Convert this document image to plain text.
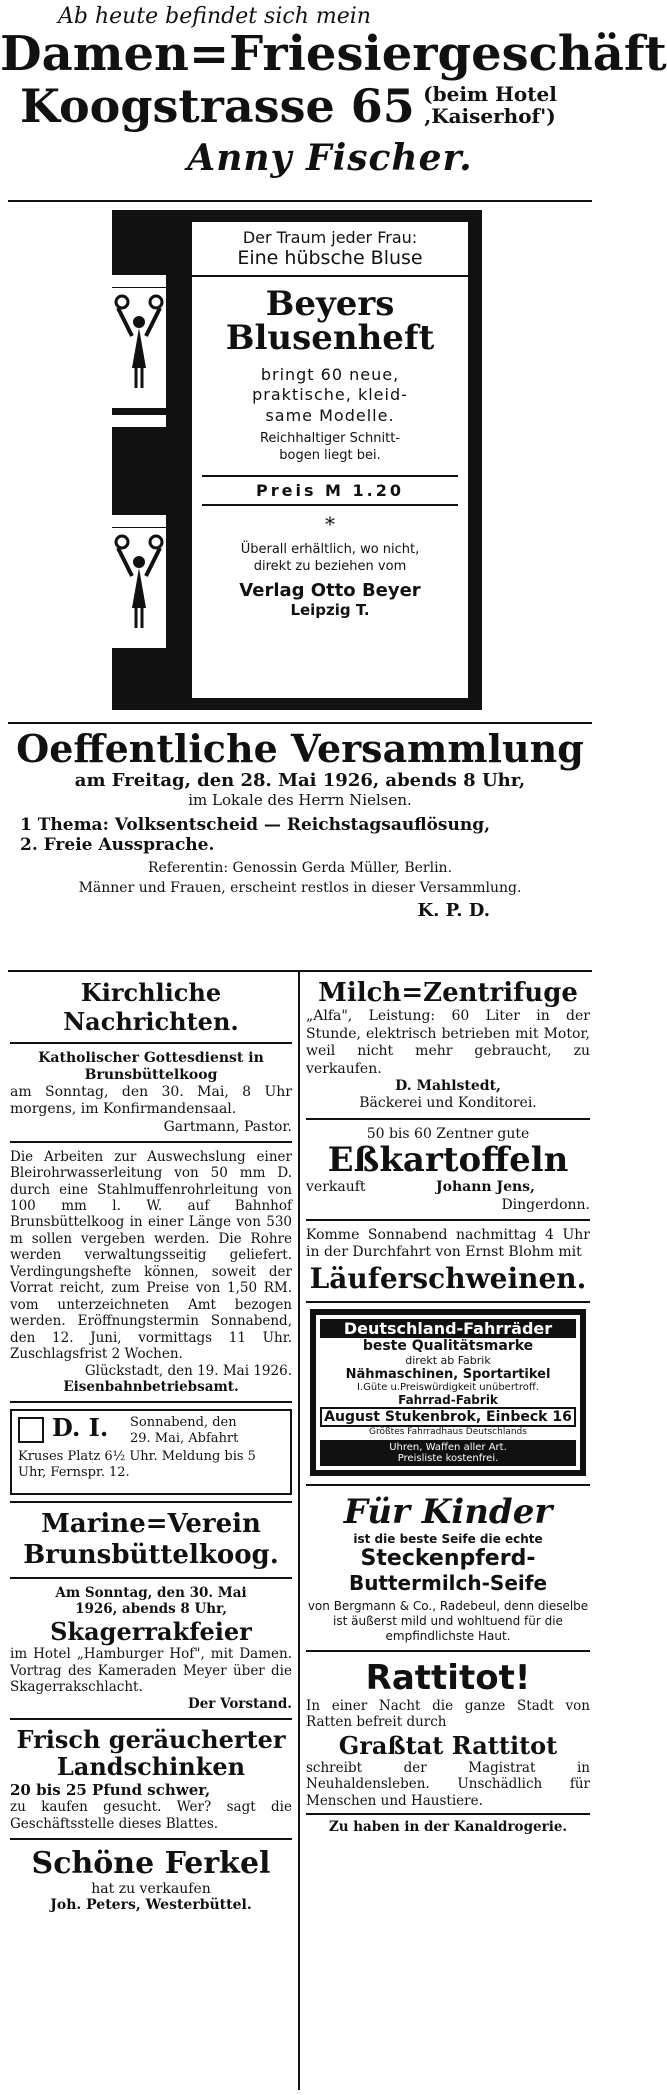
Ab heute befindet sich mein
Damen=Friesiergeschäft
Koogstrasse 65 (beim Hotel ,Kaiserhof')
Anny Fischer.
Der Traum jeder Frau:
Eine hübsche Bluse
Beyers
Blusenheft
bringt 60 neue,
praktische, kleid-
same Modelle.
Reichhaltiger Schnitt-
bogen liegt bei.
Preis M 1.20
*
Überall erhältlich, wo nicht,
direkt zu beziehen vom
Verlag Otto Beyer
Leipzig T.
Oeffentliche Versammlung
am Freitag, den 28. Mai 1926, abends 8 Uhr,
im Lokale des Herrn Nielsen.
1 Thema: Volksentscheid — Reichstagsauflösung,
2. Freie Aussprache.
Referentin: Genossin Gerda Müller, Berlin.
Männer und Frauen, erscheint restlos in dieser Versammlung.
K. P. D.
Kirchliche Nachrichten.
Katholischer Gottesdienst in
Brunsbüttelkoog
am Sonntag, den 30. Mai, 8 Uhr morgens, im Konfirmandensaal.
Gartmann, Pastor.
Die Arbeiten zur Auswechslung einer Bleirohrwasserleitung von 50 mm D. durch eine Stahlmuffenrohrleitung von 100 mm l. W. auf Bahnhof Brunsbüttelkoog in einer Länge von 530 m sollen vergeben werden. Die Rohre werden verwaltungsseitig geliefert. Verdingungshefte können, soweit der Vorrat reicht, zum Preise von 1,50 RM. vom unterzeichneten Amt bezogen werden. Eröffnungstermin Sonnabend, den 12. Juni, vormittags 11 Uhr. Zuschlagsfrist 2 Wochen.
Glückstadt, den 19. Mai 1926.
Eisenbahnbetriebsamt.
D. I. Sonnabend, den
29. Mai, Abfahrt
Kruses Platz 6½ Uhr. Meldung bis 5 Uhr, Fernspr. 12.
Marine=Verein
Brunsbüttelkoog.
Am Sonntag, den 30. Mai
1926, abends 8 Uhr,
Skagerrakfeier
im Hotel „Hamburger Hof", mit Damen. Vortrag des Kameraden Meyer über die Skagerrakschlacht.
Der Vorstand.
Frisch geräucherter
Landschinken
20 bis 25 Pfund schwer,
zu kaufen gesucht. Wer? sagt die Geschäftsstelle dieses Blattes.
Schöne Ferkel
hat zu verkaufen
Joh. Peters, Westerbüttel.
Milch=Zentrifuge
„Alfa", Leistung: 60 Liter in der Stunde, elektrisch betrieben mit Motor, weil nicht mehr gebraucht, zu verkaufen.
D. Mahlstedt,
Bäckerei und Konditorei.
50 bis 60 Zentner gute
Eßkartoffeln
verkauft	Johann Jens,
Dingerdonn.
Komme Sonnabend nachmittag 4 Uhr in der Durchfahrt von Ernst Blohm mit
Läuferschweinen.
Deutschland-Fahrräder
beste Qualitätsmarke
direkt ab Fabrik
Nähmaschinen, Sportartikel
I.Güte u.Preiswürdigkeit unübertroff.
Fahrrad-Fabrik
August Stukenbrok, Einbeck 16
Größtes Fahrradhaus Deutschlands
Uhren, Waffen aller Art.
Preisliste kostenfrei.
Für Kinder
ist die beste Seife die echte
Steckenpferd-
Buttermilch-Seife
von Bergmann & Co., Radebeul, denn dieselbe ist äußerst mild und wohltuend für die empfindlichste Haut.
Rattitot!
In einer Nacht die ganze Stadt von Ratten befreit durch
Graßtat Rattitot
schreibt der Magistrat in Neuhaldensleben. Unschädlich für Menschen und Haustiere.
Zu haben in der Kanaldrogerie.
